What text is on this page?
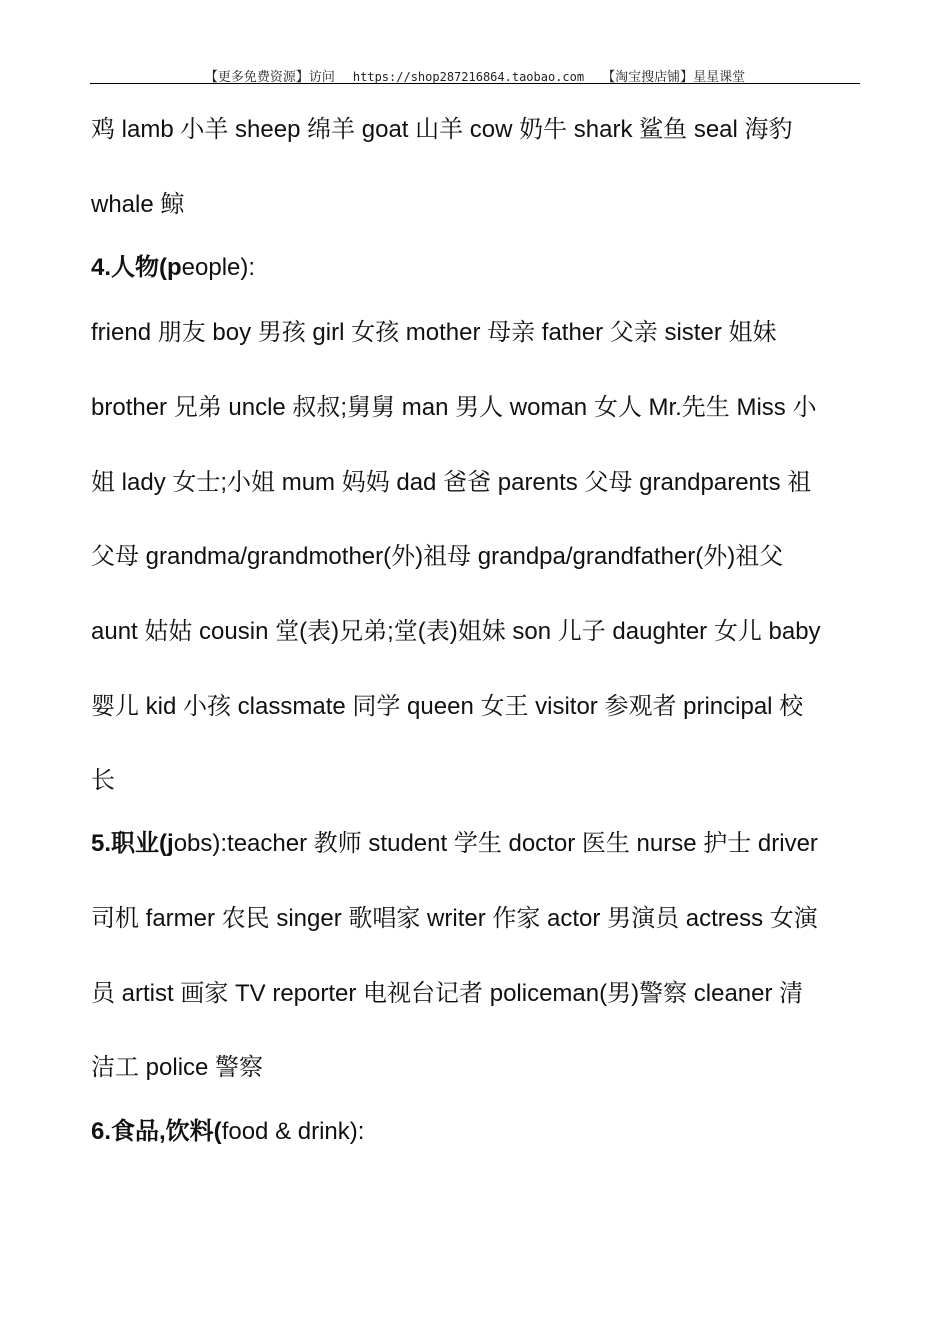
【更多免费资源】访问 https://shop287216864.taobao.com 【淘宝搜店铺】星星课堂
鸡 lamb 小羊 sheep 绵羊 goat 山羊 cow 奶牛 shark 鲨鱼 seal 海豹
whale 鲸
4.人物(people):
friend 朋友 boy 男孩 girl 女孩 mother 母亲 father 父亲 sister 姐妹
brother 兄弟 uncle 叔叔;舅舅 man 男人 woman 女人 Mr.先生 Miss 小
姐 lady 女士;小姐 mum 妈妈 dad 爸爸 parents 父母 grandparents 祖
父母 grandma/grandmother(外)祖母 grandpa/grandfather(外)祖父
aunt 姑姑 cousin 堂(表)兄弟;堂(表)姐妹 son 儿子 daughter 女儿 baby
婴儿 kid 小孩 classmate 同学 queen 女王 visitor 参观者 principal 校
长
5.职业(jobs):teacher 教师 student 学生 doctor 医生 nurse 护士 driver
司机 farmer 农民 singer 歌唱家 writer 作家 actor 男演员 actress 女演
员 artist 画家 TV reporter 电视台记者 policeman(男)警察 cleaner 清
洁工 police 警察
6.食品,饮料(food & drink):
